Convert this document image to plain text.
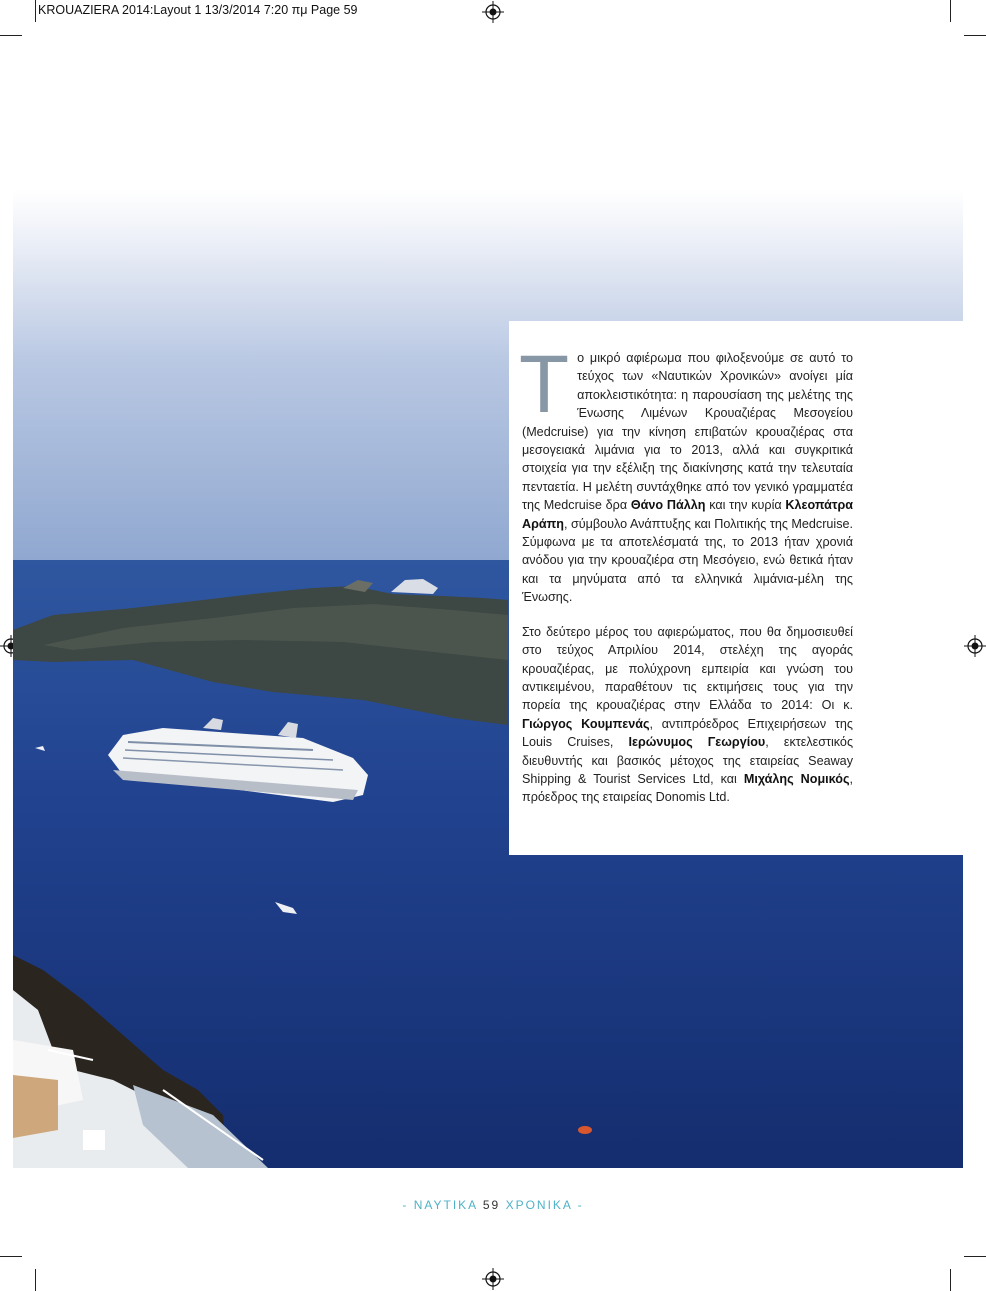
KROUAZIERA 2014:Layout 1 13/3/2014 7:20 πμ Page 59

Το μικρό αφιέρωμα που φιλοξενούμε σε αυτό το τεύχος των «Ναυτικών Χρονικών» ανοίγει μία αποκλειστικότητα: η παρουσίαση της μελέτης της Ένωσης Λιμένων Κρουαζιέρας Μεσογείου (Medcruise) για την κίνηση επιβατών κρουαζιέρας στα μεσογειακά λιμάνια για το 2013, αλλά και συγκριτικά στοιχεία για την εξέλιξη της διακίνησης κατά την τελευταία πενταετία. Η μελέτη συντάχθηκε από τον γενικό γραμματέα της Medcruise δρα Θάνο Πάλλη και την κυρία Κλεοπάτρα Αράπη, σύμβουλο Ανάπτυξης και Πολιτικής της Medcruise. Σύμφωνα με τα αποτελέσματά της, το 2013 ήταν χρονιά ανόδου για την κρουαζιέρα στη Μεσόγειο, ενώ θετικά ήταν και τα μηνύματα από τα ελληνικά λιμάνια-μέλη της Ένωσης.

Στο δεύτερο μέρος του αφιερώματος, που θα δημοσιευθεί στο τεύχος Απριλίου 2014, στελέχη της αγοράς κρουαζιέρας, με πολύχρονη εμπειρία και γνώση του αντικειμένου, παραθέτουν τις εκτιμήσεις τους για την πορεία της κρουαζιέρας στην Ελλάδα το 2014: Οι κ. Γιώργος Κουμπενάς, αντιπρόεδρος Επιχειρήσεων της Louis Cruises, Ιερώνυμος Γεωργίου, εκτελεστικός διευθυντής και βασικός μέτοχος της εταιρείας Seaway Shipping & Tourist Services Ltd, και Μιχάλης Νομικός, πρόεδρος της εταιρείας Donomis Ltd.

- ΝΑΥΤΙΚΑ 59 ΧΡΟΝΙΚΑ -
